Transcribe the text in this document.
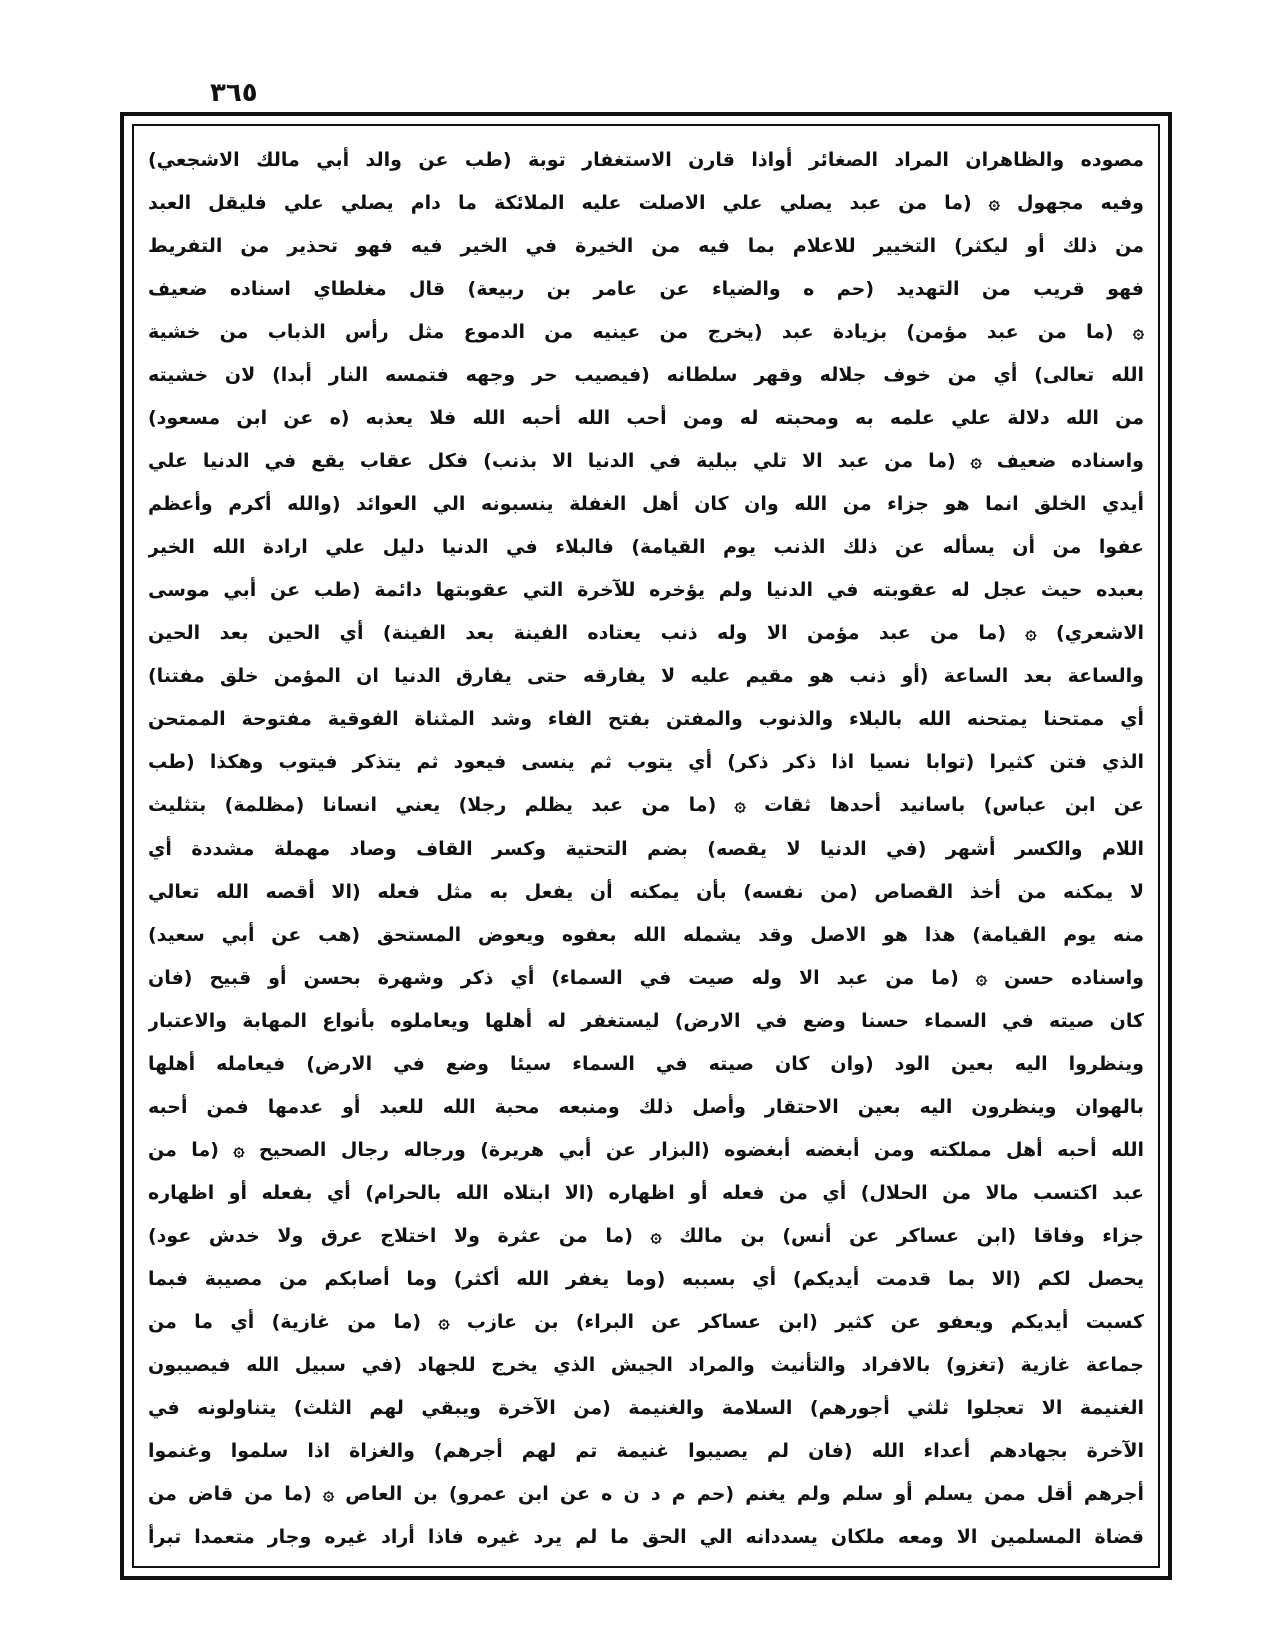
٣٦٥
مصوده والظاهران المراد الصغائر أواذا قارن الاستغفار توبة (طب عن والد أبي مالك الاشجعي)
وفيه مجهول ۞ (ما من عبد يصلي علي الاصلت عليه الملائكة ما دام يصلي علي فليقل العبد
من ذلك أو ليكثر) التخيير للاعلام بما فيه من الخيرة في الخير فيه فهو تحذير من التفريط
فهو قريب من التهديد (حم ه والضياء عن عامر بن ربيعة) قال مغلطاي اسناده ضعيف
۞ (ما من عبد مؤمن) بزيادة عبد (يخرج من عينيه من الدموع مثل رأس الذباب من خشية
الله تعالى) أي من خوف جلاله وقهر سلطانه (فيصيب حر وجهه فتمسه النار أبدا) لان خشيته
من الله دلالة علي علمه به ومحبته له ومن أحب الله أحبه الله فلا يعذبه (ه عن ابن مسعود)
واسناده ضعيف ۞ (ما من عبد الا تلي ببلية في الدنيا الا بذنب) فكل عقاب يقع في الدنيا علي
أيدي الخلق انما هو جزاء من الله وان كان أهل الغفلة ينسبونه الي العوائد (والله أكرم وأعظم
عفوا من أن يسأله عن ذلك الذنب يوم القيامة) فالبلاء في الدنيا دليل علي ارادة الله الخير
بعبده حيث عجل له عقوبته في الدنيا ولم يؤخره للآخرة التي عقوبتها دائمة (طب عن أبي موسى
الاشعري) ۞ (ما من عبد مؤمن الا وله ذنب يعتاده الفينة بعد الفينة) أي الحين بعد الحين
والساعة بعد الساعة (أو ذنب هو مقيم عليه لا يفارقه حتى يفارق الدنيا ان المؤمن خلق مفتنا)
أي ممتحنا يمتحنه الله بالبلاء والذنوب والمفتن بفتح الفاء وشد المثناة الفوقية مفتوحة الممتحن
الذي فتن كثيرا (توابا نسيا اذا ذكر ذكر) أي يتوب ثم ينسى فيعود ثم يتذكر فيتوب وهكذا (طب
عن ابن عباس) باسانيد أحدها ثقات ۞ (ما من عبد يظلم رجلا) يعني انسانا (مظلمة) بتثليث
اللام والكسر أشهر (في الدنيا لا يقصه) بضم التحتية وكسر القاف وصاد مهملة مشددة أي
لا يمكنه من أخذ القصاص (من نفسه) بأن يمكنه أن يفعل به مثل فعله (الا أقصه الله تعالي
منه يوم القيامة) هذا هو الاصل وقد يشمله الله بعفوه ويعوض المستحق (هب عن أبي سعيد)
واسناده حسن ۞ (ما من عبد الا وله صيت في السماء) أي ذكر وشهرة بحسن أو قبيح (فان
كان صيته في السماء حسنا وضع في الارض) ليستغفر له أهلها ويعاملوه بأنواع المهابة والاعتبار
وينظروا اليه بعين الود (وان كان صيته في السماء سيئا وضع في الارض) فيعامله أهلها
بالهوان وينظرون اليه بعين الاحتقار وأصل ذلك ومنبعه محبة الله للعبد أو عدمها فمن أحبه
الله أحبه أهل مملكته ومن أبغضه أبغضوه (البزار عن أبي هريرة) ورجاله رجال الصحيح ۞ (ما من
عبد اكتسب مالا من الحلال) أي من فعله أو اظهاره (الا ابتلاه الله بالحرام) أي بفعله أو اظهاره
جزاء وفاقا (ابن عساكر عن أنس) بن مالك ۞ (ما من عثرة ولا اختلاج عرق ولا خدش عود)
يحصل لكم (الا بما قدمت أيديكم) أي بسببه (وما يغفر الله أكثر) وما أصابكم من مصيبة فبما
كسبت أيديكم ويعفو عن كثير (ابن عساكر عن البراء) بن عازب ۞ (ما من غازية) أي ما من
جماعة غازية (تغزو) بالافراد والتأنيث والمراد الجيش الذي يخرج للجهاد (في سبيل الله فيصيبون
الغنيمة الا تعجلوا ثلثي أجورهم) السلامة والغنيمة (من الآخرة ويبقي لهم الثلث) يتناولونه في
الآخرة بجهادهم أعداء الله (فان لم يصيبوا غنيمة تم لهم أجرهم) والغزاة اذا سلموا وغنموا
أجرهم أقل ممن يسلم أو سلم ولم يغنم (حم م د ن ه عن ابن عمرو) بن العاص ۞ (ما من قاض من
قضاة المسلمين الا ومعه ملكان يسددانه الي الحق ما لم يرد غيره فاذا أراد غيره وجار متعمدا تبرأ
